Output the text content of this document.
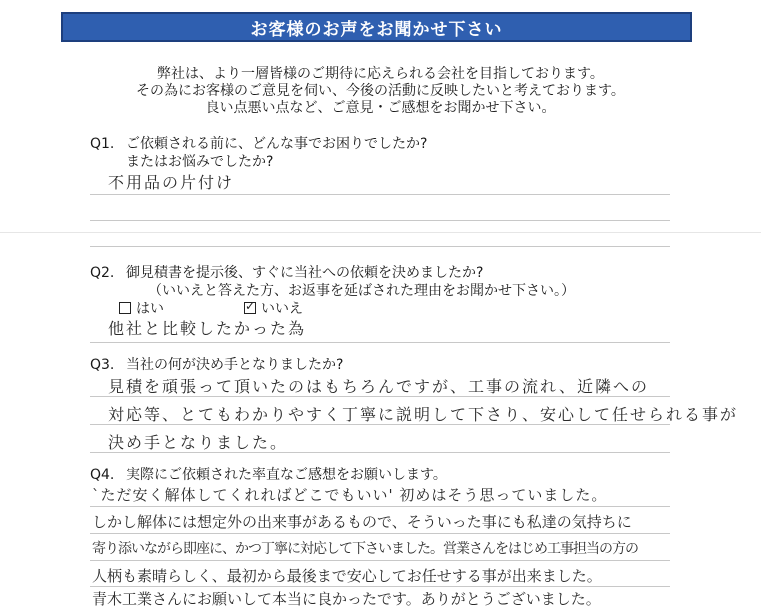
お客様のお声をお聞かせ下さい
弊社は、より一層皆様のご期待に応えられる会社を目指しております。
その為にお客様のご意見を伺い、今後の活動に反映したいと考えております。
良い点悪い点など、ご意見・ご感想をお聞かせ下さい。
Q1. ご依頼される前に、どんな事でお困りでしたか?
またはお悩みでしたか?
不用品の片付け
Q2. 御見積書を提示後、すぐに当社への依頼を決めましたか?
（いいえと答えた方、お返事を延ばされた理由をお聞かせ下さい。）
はい
✓	いいえ
他社と比較したかった為
Q3. 当社の何が決め手となりましたか?
見積を頑張って頂いたのはもちろんですが、工事の流れ、近隣への
対応等、とてもわかりやすく丁寧に説明して下さり、安心して任せられる事が
決め手となりました。
Q4. 実際にご依頼された率直なご感想をお願いします。
`ただ安く解体してくれればどこでもいい' 初めはそう思っていました。
しかし解体には想定外の出来事があるもので、そういった事にも私達の気持ちに
寄り添いながら即座に、かつ丁寧に対応して下さいました。営業さんをはじめ工事担当の方の
人柄も素晴らしく、最初から最後まで安心してお任せする事が出来ました。
青木工業さんにお願いして本当に良かったです。ありがとうございました。
